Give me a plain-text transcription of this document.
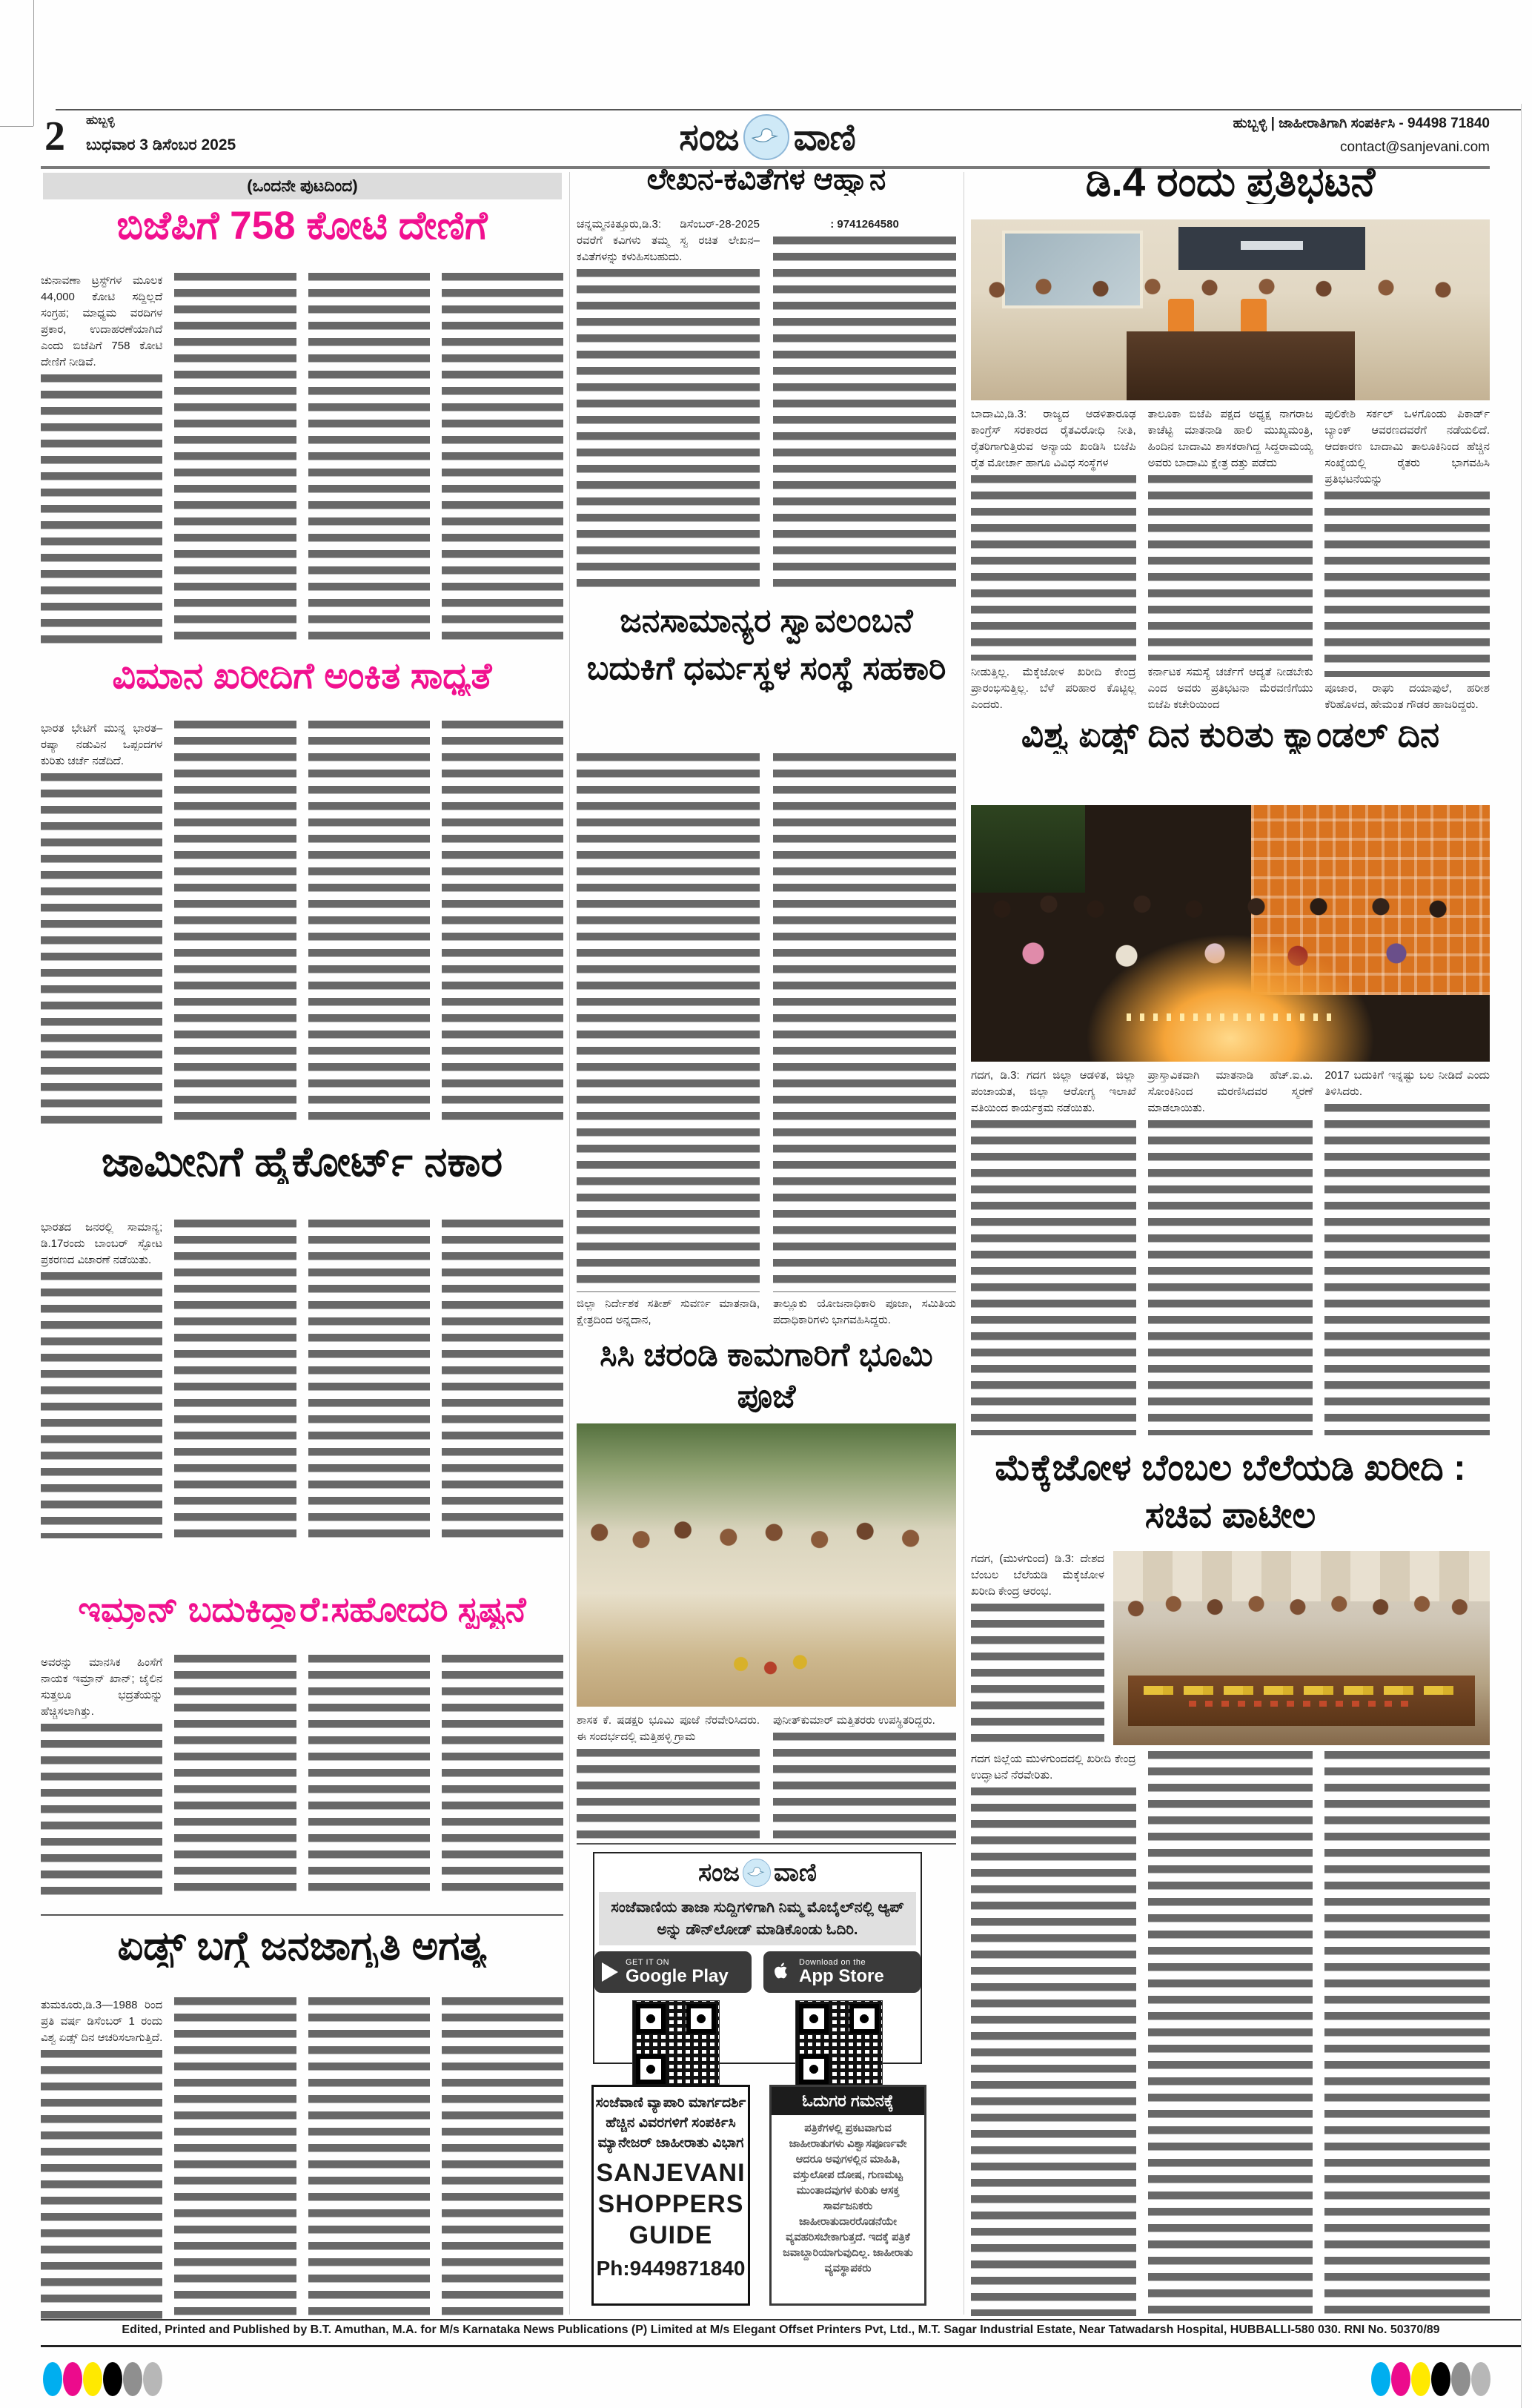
2 ಹುಬ್ಬಳ್ಳಿ
ಬುಧವಾರ 3 ಡಿಸೆಂಬರ 2025	ಸಂಜ ವಾಣಿ	ಹುಬ್ಬಳ್ಳಿ | ಜಾಹೀರಾತಿಗಾಗಿ ಸಂಪರ್ಕಿಸಿ - 94498 71840
contact@sanjevani.com
(ಒಂದನೇ ಪುಟದಿಂದ)
ಬಿಜೆಪಿಗೆ 758 ಕೋಟಿ ದೇಣಿಗೆ

ಚುನಾವಣಾ ಟ್ರಸ್ಟ್‌ಗಳ ಮೂಲಕ 44,000 ಕೋಟಿ ಸದ್ದಿಲ್ಲದೆ ಸಂಗ್ರಹ; ಮಾಧ್ಯಮ ವರದಿಗಳ ಪ್ರಕಾರ, ಉದಾಹರಣೆಯಾಗಿದೆ ಎಂದು ಬಿಜೆಪಿಗೆ 758 ಕೋಟಿ ದೇಣಿಗೆ ನೀಡಿವೆ.

ವಿಮಾನ ಖರೀದಿಗೆ ಅಂಕಿತ ಸಾಧ್ಯತೆ

ಭಾರತ ಭೇಟಿಗೆ ಮುನ್ನ ಭಾರತ–ರಷ್ಯಾ ನಡುವಿನ ಒಪ್ಪಂದಗಳ ಕುರಿತು ಚರ್ಚೆ ನಡೆದಿದೆ.

ಜಾಮೀನಿಗೆ ಹೈಕೋರ್ಟ್ ನಕಾರ

ಭಾರತದ ಜನರಲ್ಲಿ ಸಾಮಾನ್ಯ; ಡಿ.17ರಂದು ಬಾಂಬರ್ ಸ್ಫೋಟ ಪ್ರಕರಣದ ವಿಚಾರಣೆ ನಡೆಯಿತು.

ಇಮ್ರಾನ್ ಬದುಕಿದ್ದಾರೆ:ಸಹೋದರಿ ಸ್ಪಷ್ಟನೆ

ಅವರನ್ನು ಮಾನಸಿಕ ಹಿಂಸೆಗೆ ನಾಯಕ ಇಮ್ರಾನ್ ಖಾನ್; ಜೈಲಿನ ಸುತ್ತಲೂ ಭದ್ರತೆಯನ್ನು ಹೆಚ್ಚಿಸಲಾಗಿತ್ತು.

ಏಡ್ಸ್ ಬಗ್ಗೆ ಜನಜಾಗೃತಿ ಅಗತ್ಯ

ತುಮಕೂರು,ಡಿ.3—1988 ರಿಂದ ಪ್ರತಿ ವರ್ಷ ಡಿಸೆಂಬರ್ 1 ರಂದು ವಿಶ್ವ ಏಡ್ಸ್ ದಿನ ಆಚರಿಸಲಾಗುತ್ತಿದೆ.

ಲೇಖನ-ಕವಿತೆಗಳ ಆಹ್ವಾನ

ಚನ್ನಮ್ಮನಕಿತ್ತೂರು,ಡಿ.3: ಡಿಸೆಂಬರ್-28-2025 ರವರೆಗೆ ಕವಿಗಳು ತಮ್ಮ ಸ್ವ ರಚಿತ ಲೇಖನ–ಕವಿತೆಗಳನ್ನು ಕಳುಹಿಸಬಹುದು.

: 9741264580

ಜನಸಾಮಾನ್ಯರ ಸ್ವಾವಲಂಬನೆ ಬದುಕಿಗೆ ಧರ್ಮಸ್ಥಳ ಸಂಸ್ಥೆ ಸಹಕಾರಿ

ಜಿಲ್ಲಾ ನಿರ್ದೇಶಕ ಸತೀಶ್ ಸುವರ್ಣ ಮಾತನಾಡಿ, ಕ್ಷೇತ್ರದಿಂದ ಅನ್ನದಾನ,

ತಾಲ್ಲೂಕು ಯೋಜನಾಧಿಕಾರಿ ಪೂಜಾ, ಸಮಿತಿಯ ಪದಾಧಿಕಾರಿಗಳು ಭಾಗವಹಿಸಿದ್ದರು.

ಸಿಸಿ ಚರಂಡಿ ಕಾಮಗಾರಿಗೆ ಭೂಮಿ ಪೂಜೆ

ಶಾಸಕ ಕೆ. ಷಡಕ್ಷರಿ ಭೂಮಿ ಪೂಜೆ ನೆರವೇರಿಸಿದರು. ಈ ಸಂದರ್ಭದಲ್ಲಿ ಮತ್ತಿಹಳ್ಳಿ ಗ್ರಾಮ

ಪುನೀತ್‌ಕುಮಾರ್ ಮತ್ತಿತರರು ಉಪಸ್ಥಿತರಿದ್ದರು.

ಸಂಜ ವಾಣಿ
ಸಂಜೆವಾಣಿಯ ತಾಜಾ ಸುದ್ದಿಗಳಿಗಾಗಿ ನಿಮ್ಮ ಮೊಬೈಲ್‌ನಲ್ಲಿ ಆ್ಯಪ್ ಅನ್ನು ಡೌನ್‌ಲೋಡ್ ಮಾಡಿಕೊಂಡು ಓದಿರಿ.
GET IT ON
Google Play
Download on the
App Store
ಸಂಜೆವಾಣಿ ವ್ಯಾಪಾರಿ ಮಾರ್ಗದರ್ಶಿ
ಹೆಚ್ಚಿನ ವಿವರಗಳಿಗೆ ಸಂಪರ್ಕಿಸಿ
ಮ್ಯಾನೇಜರ್ ಜಾಹೀರಾತು ವಿಭಾಗ
SANJEVANI SHOPPERS GUIDE
Ph:9449871840
ಓದುಗರ ಗಮನಕ್ಕೆ
ಪತ್ರಿಕೆಗಳಲ್ಲಿ ಪ್ರಕಟವಾಗುವ ಜಾಹೀರಾತುಗಳು ವಿಶ್ವಾಸಪೂರ್ಣವೇ ಆದರೂ ಅವುಗಳಲ್ಲಿನ ಮಾಹಿತಿ, ವಸ್ತುಲೋಪ ದೋಷ, ಗುಣಮಟ್ಟ ಮುಂತಾದವುಗಳ ಕುರಿತು ಆಸಕ್ತ ಸಾರ್ವಜನಿಕರು ಜಾಹೀರಾತುದಾರರೊಡನೆಯೇ ವ್ಯವಹರಿಸಬೇಕಾಗುತ್ತದೆ. ಇದಕ್ಕೆ ಪತ್ರಿಕೆ ಜವಾಬ್ದಾರಿಯಾಗುವುದಿಲ್ಲ. ಜಾಹೀರಾತು ವ್ಯವಸ್ಥಾಪಕರು
ಡಿ.4 ರಂದು ಪ್ರತಿಭಟನೆ

ಬಾದಾಮಿ,ಡಿ.3: ರಾಜ್ಯದ ಆಡಳಿತಾರೂಢ ಕಾಂಗ್ರೆಸ್ ಸರಕಾರದ ರೈತವಿರೋಧಿ ನೀತಿ, ರೈತರಿಗಾಗುತ್ತಿರುವ ಅನ್ಯಾಯ ಖಂಡಿಸಿ ಬಿಜೆಪಿ ರೈತ ಮೋರ್ಚಾ ಹಾಗೂ ವಿವಿಧ ಸಂಸ್ಥೆಗಳ

ನೀಡುತ್ತಿಲ್ಲ. ಮೆಕ್ಕೆಜೋಳ ಖರೀದಿ ಕೇಂದ್ರ ಪ್ರಾರಂಭಿಸುತ್ತಿಲ್ಲ. ಬೆಳೆ ಪರಿಹಾರ ಕೊಟ್ಟಿಲ್ಲ ಎಂದರು.

ತಾಲೂಕಾ ಬಿಜೆಪಿ ಪಕ್ಷದ ಅಧ್ಯಕ್ಷ ನಾಗರಾಜ ಕಾಚೆಟ್ಟಿ ಮಾತನಾಡಿ ಹಾಲಿ ಮುಖ್ಯಮಂತ್ರಿ, ಹಿಂದಿನ ಬಾದಾಮಿ ಶಾಸಕರಾಗಿದ್ದ ಸಿದ್ದರಾಮಯ್ಯ ಅವರು ಬಾದಾಮಿ ಕ್ಷೇತ್ರ ದತ್ತು ಪಡೆದು

ಕರ್ನಾಟಕ ಸಮಸ್ಯೆ ಚರ್ಚೆಗೆ ಆದ್ಯತೆ ನೀಡಬೇಕು ಎಂದ ಅವರು ಪ್ರತಿಭಟನಾ ಮೆರವಣಿಗೆಯು ಬಿಜೆಪಿ ಕಚೇರಿಯಿಂದ

ಪುಲಿಕೇಶಿ ಸರ್ಕಲ್ ಒಳಗೊಂಡು ಪಿಕಾರ್ಡ್ ಬ್ಯಾಂಕ್ ಆವರಣದವರೆಗೆ ನಡೆಯಲಿದೆ. ಆದಕಾರಣ ಬಾದಾಮಿ ತಾಲೂಕಿನಿಂದ ಹೆಚ್ಚಿನ ಸಂಖ್ಯೆಯಲ್ಲಿ ರೈತರು ಭಾಗವಹಿಸಿ ಪ್ರತಿಭಟನೆಯನ್ನು

ಪೂಜಾರ, ರಾಘು ದಯಾಪುಲೆ, ಹರೀಶ ಕೆರಿಹೊಳದ, ಹೇಮಂತ ಗೌಡರ ಹಾಜರಿದ್ದರು.

ವಿಶ್ವ ಏಡ್ಸ್ ದಿನ ಕುರಿತು ಕ್ಯಾಂಡಲ್ ದಿನ

ಗದಗ, ಡಿ.3: ಗದಗ ಜಿಲ್ಲಾ ಆಡಳಿತ, ಜಿಲ್ಲಾ ಪಂಚಾಯತ, ಜಿಲ್ಲಾ ಆರೋಗ್ಯ ಇಲಾಖೆ ವತಿಯಿಂದ ಕಾರ್ಯಕ್ರಮ ನಡೆಯಿತು.

ಪ್ರಾಸ್ತಾವಿಕವಾಗಿ ಮಾತನಾಡಿ ಹೆಚ್.ಐ.ವಿ. ಸೋಂಕಿನಿಂದ ಮರಣಿಸಿದವರ ಸ್ಮರಣೆ ಮಾಡಲಾಯಿತು.

2017 ಬದುಕಿಗೆ ಇನ್ನಷ್ಟು ಬಲ ನೀಡಿದೆ ಎಂದು ತಿಳಿಸಿದರು.

ಮೆಕ್ಕೆಜೋಳ ಬೆಂಬಲ ಬೆಲೆಯಡಿ ಖರೀದಿ : ಸಚಿವ ಪಾಟೀಲ

ಗದಗ, (ಮುಳಗುಂದ) ಡಿ.3: ದೇಶದ ಬೆಂಬಲ ಬೆಲೆಯಡಿ ಮೆಕ್ಕೆಜೋಳ ಖರೀದಿ ಕೇಂದ್ರ ಆರಂಭ.

ಗದಗ ಜಿಲ್ಲೆಯ ಮುಳಗುಂದದಲ್ಲಿ ಖರೀದಿ ಕೇಂದ್ರ ಉದ್ಘಾಟನೆ ನೆರವೇರಿತು.

Edited, Printed and Published by B.T. Amuthan, M.A. for M/s Karnataka News Publications (P) Limited at M/s Elegant Offset Printers Pvt, Ltd., M.T. Sagar Industrial Estate, Near Tatwadarsh Hospital, HUBBALLI-580 030. RNI No. 50370/89
